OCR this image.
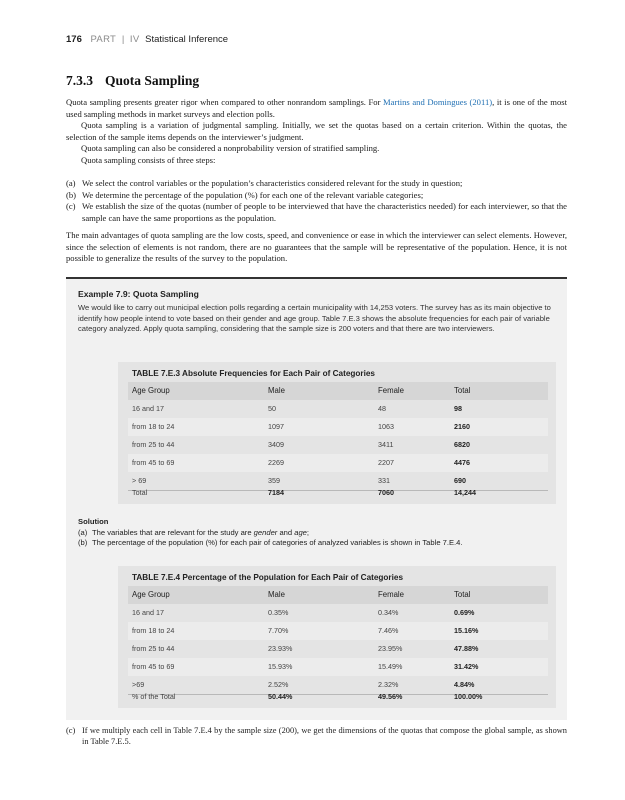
176 PART | IV Statistical Inference
7.3.3 Quota Sampling

Quota sampling presents greater rigor when compared to other nonrandom samplings. For Martins and Domingues (2011), it is one of the most used sampling methods in market surveys and election polls.

Quota sampling is a variation of judgmental sampling. Initially, we set the quotas based on a certain criterion. Within the quotas, the selection of the sample items depends on the interviewer’s judgment.

Quota sampling can also be considered a nonprobability version of stratified sampling.

Quota sampling consists of three steps:

(a) We select the control variables or the population’s characteristics considered relevant for the study in question;
(b) We determine the percentage of the population (%) for each one of the relevant variable categories;
(c) We establish the size of the quotas (number of people to be interviewed that have the characteristics needed) for each interviewer, so that the sample can have the same proportions as the population.

The main advantages of quota sampling are the low costs, speed, and convenience or ease in which the interviewer can select elements. However, since the selection of elements is not random, there are no guarantees that the sample will be representative of the population. Hence, it is not possible to generalize the results of the survey to the population.

Example 7.9: Quota Sampling
We would like to carry out municipal election polls regarding a certain municipality with 14,253 voters. The survey has as its main objective to identify how people intend to vote based on their gender and age group. Table 7.E.3 shows the absolute frequencies for each pair of variable category analyzed. Apply quota sampling, considering that the sample size is 200 voters and that there are two interviewers.
TABLE 7.E.3 Absolute Frequencies for Each Pair of Categories
Age Group	Male	Female	Total
16 and 17	50	48	98
from 18 to 24	1097	1063	2160
from 25 to 44	3409	3411	6820
from 45 to 69	2269	2207	4476
> 69	359	331	690
Total	7184	7060	14,244
Solution
(a) The variables that are relevant for the study are gender and age;
(b) The percentage of the population (%) for each pair of categories of analyzed variables is shown in Table 7.E.4.
TABLE 7.E.4 Percentage of the Population for Each Pair of Categories
Age Group	Male	Female	Total
16 and 17	0.35%	0.34%	0.69%
from 18 to 24	7.70%	7.46%	15.16%
from 25 to 44	23.93%	23.95%	47.88%
from 45 to 69	15.93%	15.49%	31.42%
>69	2.52%	2.32%	4.84%
% of the Total	50.44%	49.56%	100.00%
(c) If we multiply each cell in Table 7.E.4 by the sample size (200), we get the dimensions of the quotas that compose the global sample, as shown in Table 7.E.5.
